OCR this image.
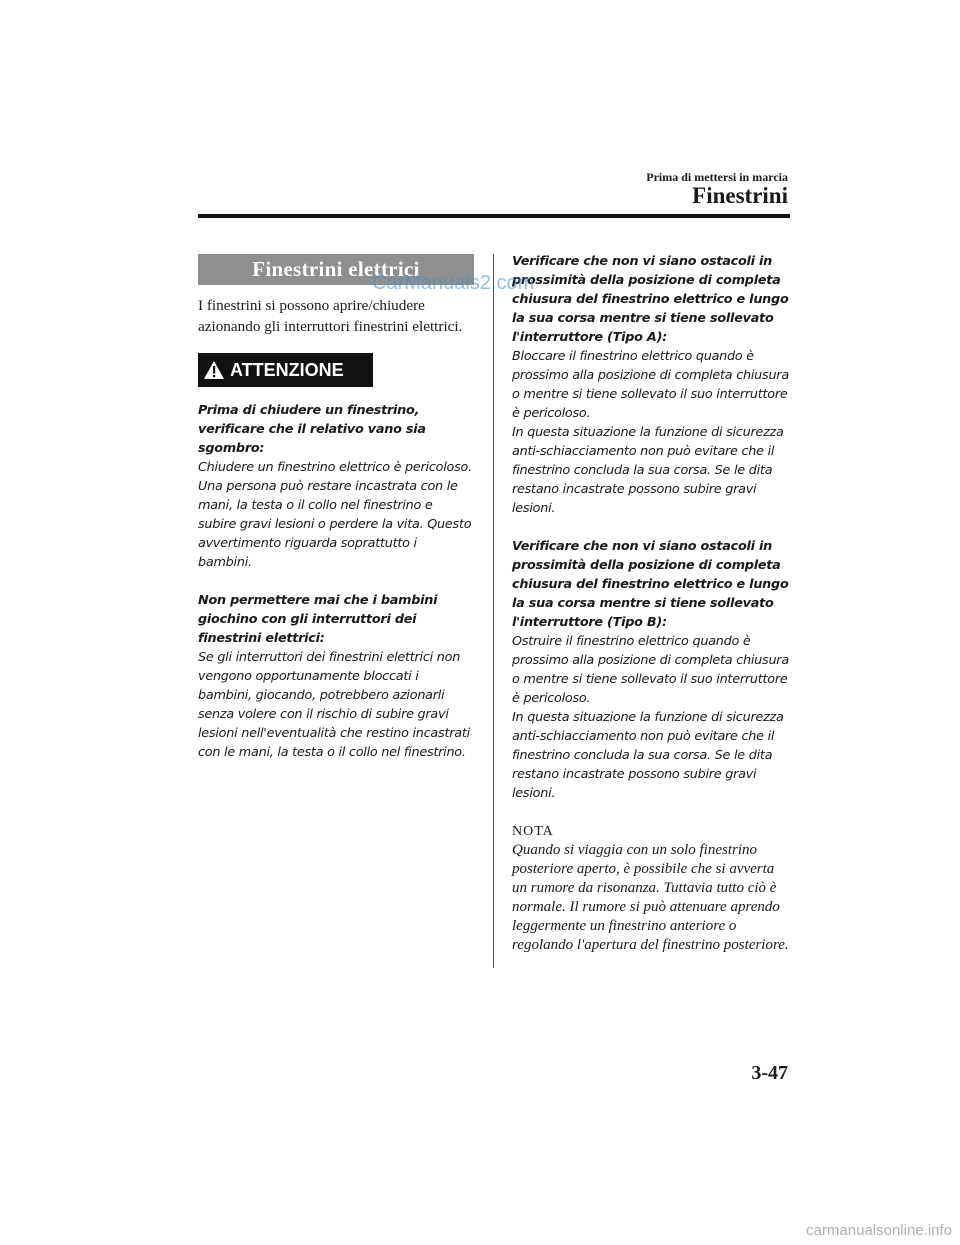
Prima di mettersi in marcia
Finestrini
Finestrini elettrici

I finestrini si possono aprire/chiudere azionando gli interruttori finestrini elettrici.

ATTENZIONE
Prima di chiudere un finestrino, verificare che il relativo vano sia sgombro:
Chiudere un finestrino elettrico è pericoloso. Una persona può restare incastrata con le mani, la testa o il collo nel finestrino e subire gravi lesioni o perdere la vita. Questo avvertimento riguarda soprattutto i bambini.
Non permettere mai che i bambini giochino con gli interruttori dei finestrini elettrici:
Se gli interruttori dei finestrini elettrici non vengono opportunamente bloccati i bambini, giocando, potrebbero azionarli senza volere con il rischio di subire gravi lesioni nell'eventualità che restino incastrati con le mani, la testa o il collo nel finestrino.
Verificare che non vi siano ostacoli in prossimità della posizione di completa chiusura del finestrino elettrico e lungo la sua corsa mentre si tiene sollevato l'interruttore (Tipo A):
Bloccare il finestrino elettrico quando è prossimo alla posizione di completa chiusura o mentre si tiene sollevato il suo interruttore è pericoloso.
In questa situazione la funzione di sicurezza anti-schiacciamento non può evitare che il finestrino concluda la sua corsa. Se le dita restano incastrate possono subire gravi lesioni.
Verificare che non vi siano ostacoli in prossimità della posizione di completa chiusura del finestrino elettrico e lungo la sua corsa mentre si tiene sollevato l'interruttore (Tipo B):
Ostruire il finestrino elettrico quando è prossimo alla posizione di completa chiusura o mentre si tiene sollevato il suo interruttore è pericoloso.
In questa situazione la funzione di sicurezza anti-schiacciamento non può evitare che il finestrino concluda la sua corsa. Se le dita restano incastrate possono subire gravi lesioni.
NOTA
Quando si viaggia con un solo finestrino posteriore aperto, è possibile che si avverta un rumore da risonanza. Tuttavia tutto ciò è normale. Il rumore si può attenuare aprendo leggermente un finestrino anteriore o regolando l'apertura del finestrino posteriore.
CarManuals2.com
3-47
carmanualsonline.info
